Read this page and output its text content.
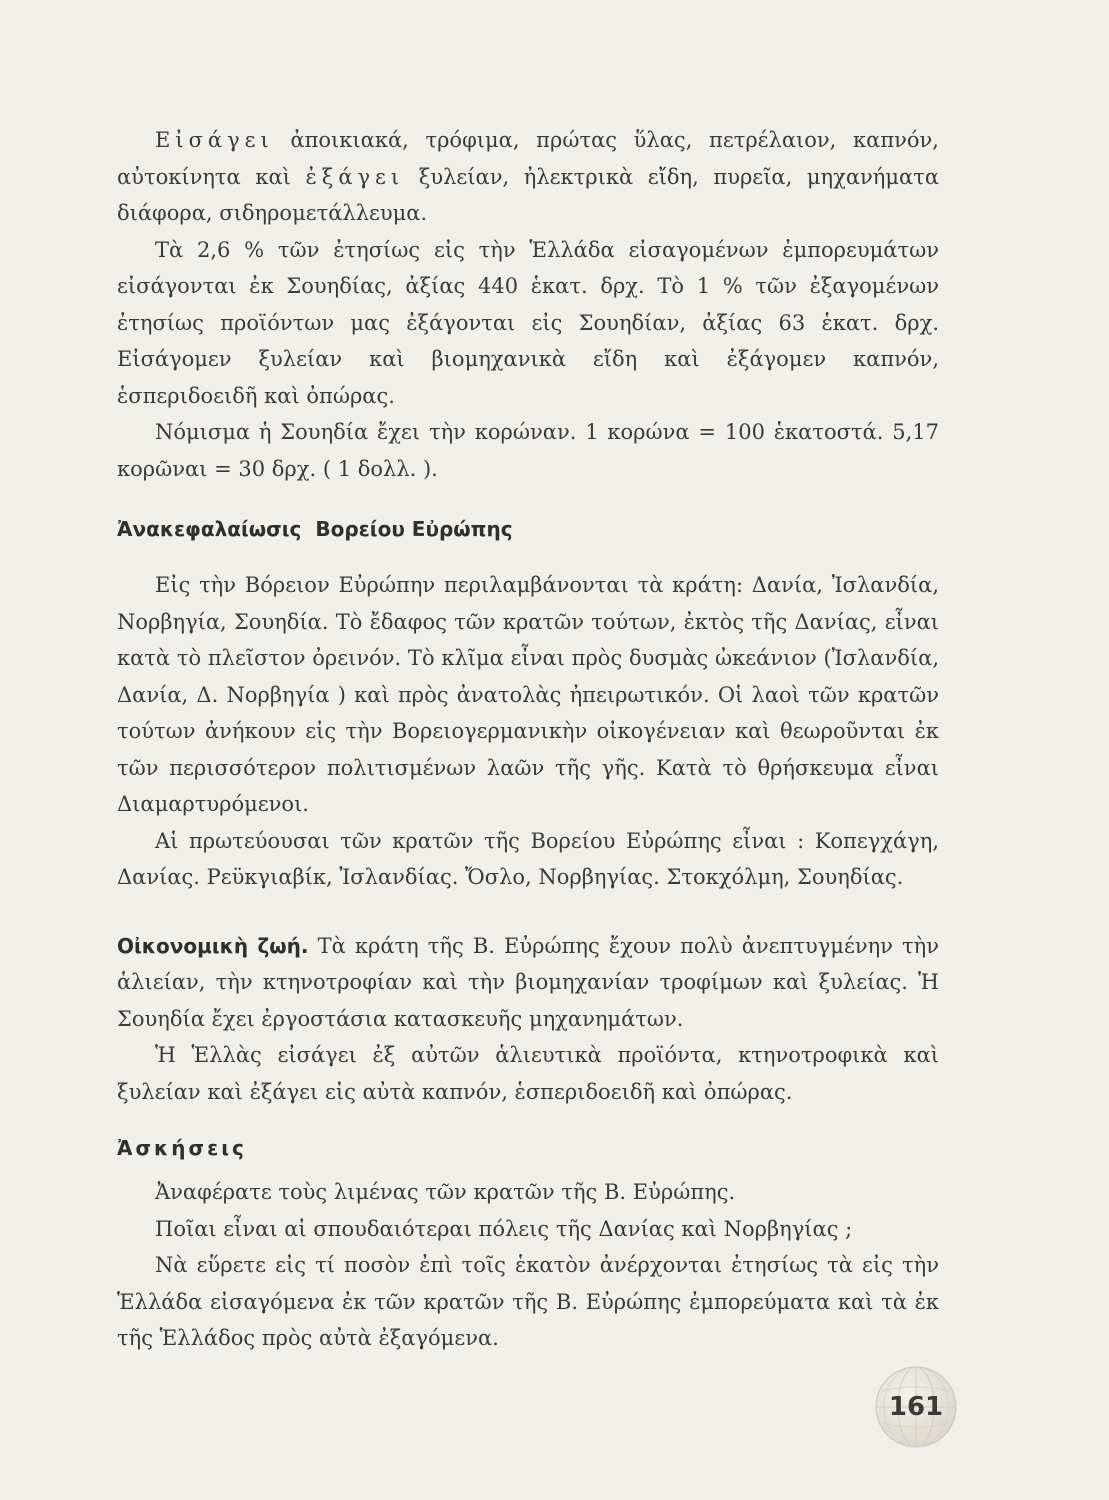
Εἰσάγει ἀποικιακά, τρόφιμα, πρώτας ὕλας, πετρέλαιον, καπνόν, αὐτοκίνητα καὶ ἐξάγει ξυλείαν, ἠλεκτρικὰ εἴδη, πυρεῖα, μηχανήματα διάφορα, σιδηρομετάλλευμα.

Τὰ 2,6 % τῶν ἐτησίως εἰς τὴν Ἑλλάδα εἰσαγομένων ἐμπορευμάτων εἰσάγονται ἐκ Σουηδίας, ἀξίας 440 ἑκατ. δρχ. Τὸ 1 % τῶν ἐξαγομένων ἐτησίως προϊόντων μας ἐξάγονται εἰς Σουηδίαν, ἀξίας 63 ἑκατ. δρχ. Εἰσάγομεν ξυλείαν καὶ βιομηχανικὰ εἴδη καὶ ἐξάγομεν καπνόν, ἑσπεριδοειδῆ καὶ ὀπώρας.

Νόμισμα ἡ Σουηδία ἔχει τὴν κορώναν. 1 κορώνα = 100 ἑκατοστά. 5,17 κορῶναι = 30 δρχ. ( 1 δολλ. ).

Ἀνακεφαλαίωσις Βορείου Εὐρώπης

Εἰς τὴν Βόρειον Εὐρώπην περιλαμβάνονται τὰ κράτη: Δανία, Ἰσλανδία, Νορβηγία, Σουηδία. Τὸ ἔδαφος τῶν κρατῶν τούτων, ἐκτὸς τῆς Δανίας, εἶναι κατὰ τὸ πλεῖστον ὀρεινόν. Τὸ κλῖμα εἶναι πρὸς δυσμὰς ὠκεάνιον (Ἰσλανδία, Δανία, Δ. Νορβηγία ) καὶ πρὸς ἀνατολὰς ἠπειρωτικόν. Οἱ λαοὶ τῶν κρατῶν τούτων ἀνήκουν εἰς τὴν Βορειογερμανικὴν οἰκογένειαν καὶ θεωροῦνται ἐκ τῶν περισσότερον πολιτισμένων λαῶν τῆς γῆς. Κατὰ τὸ θρήσκευμα εἶναι Διαμαρτυρόμενοι.

Αἱ πρωτεύουσαι τῶν κρατῶν τῆς Βορείου Εὐρώπης εἶναι : Κοπεγχάγη, Δανίας. Ρεϋκγιαβίκ, Ἰσλανδίας. Ὄσλο, Νορβηγίας. Στοκχόλμη, Σουηδίας.

Οἰκονομικὴ ζωή. Τὰ κράτη τῆς Β. Εὐρώπης ἔχουν πολὺ ἀνεπτυγμένην τὴν ἁλιείαν, τὴν κτηνοτροφίαν καὶ τὴν βιομηχανίαν τροφίμων καὶ ξυλείας. Ἡ Σουηδία ἔχει ἐργοστάσια κατασκευῆς μηχανημάτων.

Ἡ Ἑλλὰς εἰσάγει ἐξ αὐτῶν ἁλιευτικὰ προϊόντα, κτηνοτροφικὰ καὶ ξυλείαν καὶ ἐξάγει εἰς αὐτὰ καπνόν, ἑσπεριδοειδῆ καὶ ὀπώρας.

Ἀσκήσεις

Ἀναφέρατε τοὺς λιμένας τῶν κρατῶν τῆς Β. Εὐρώπης.

Ποῖαι εἶναι αἱ σπουδαιότεραι πόλεις τῆς Δανίας καὶ Νορβηγίας ;

Νὰ εὕρετε εἰς τί ποσὸν ἐπὶ τοῖς ἑκατὸν ἀνέρχονται ἐτησίως τὰ εἰς τὴν Ἑλλάδα εἰσαγόμενα ἐκ τῶν κρατῶν τῆς Β. Εὐρώπης ἐμπορεύματα καὶ τὰ ἐκ τῆς Ἑλλάδος πρὸς αὐτὰ ἐξαγόμενα.

161
